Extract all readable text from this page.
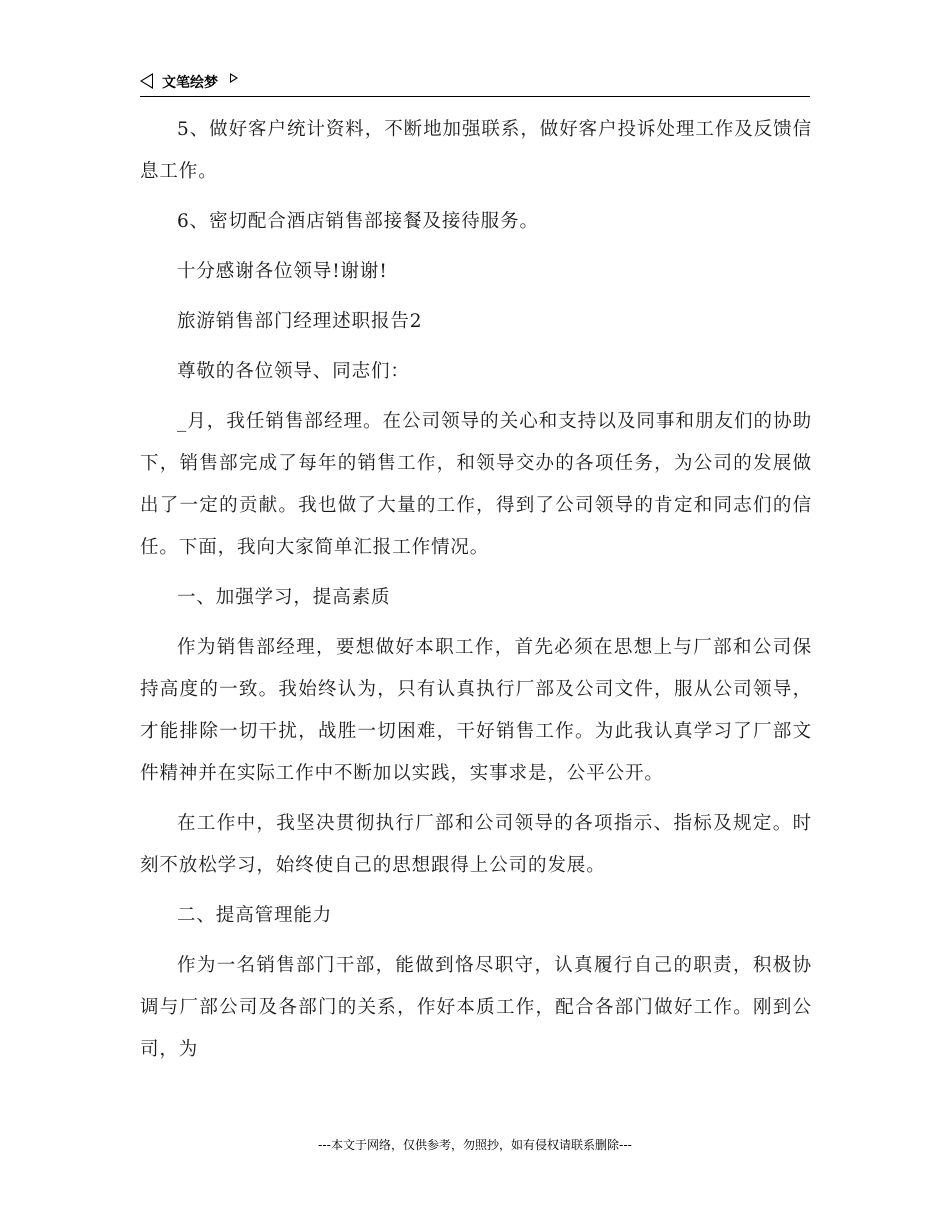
文笔绘梦

5、做好客户统计资料，不断地加强联系，做好客户投诉处理工作及反馈信息工作。

6、密切配合酒店销售部接餐及接待服务。

十分感谢各位领导!谢谢!

旅游销售部门经理述职报告2

尊敬的各位领导、同志们：

_月，我任销售部经理。在公司领导的关心和支持以及同事和朋友们的协助下，销售部完成了每年的销售工作，和领导交办的各项任务，为公司的发展做出了一定的贡献。我也做了大量的工作，得到了公司领导的肯定和同志们的信任。下面，我向大家简单汇报工作情况。

一、加强学习，提高素质

作为销售部经理，要想做好本职工作，首先必须在思想上与厂部和公司保持高度的一致。我始终认为，只有认真执行厂部及公司文件，服从公司领导，才能排除一切干扰，战胜一切困难，干好销售工作。为此我认真学习了厂部文件精神并在实际工作中不断加以实践，实事求是，公平公开。

在工作中，我坚决贯彻执行厂部和公司领导的各项指示、指标及规定。时刻不放松学习，始终使自己的思想跟得上公司的发展。

二、提高管理能力

作为一名销售部门干部，能做到恪尽职守，认真履行自己的职责，积极协调与厂部公司及各部门的关系，作好本质工作，配合各部门做好工作。刚到公司，为

---本文于网络，仅供参考，勿照抄，如有侵权请联系删除---
